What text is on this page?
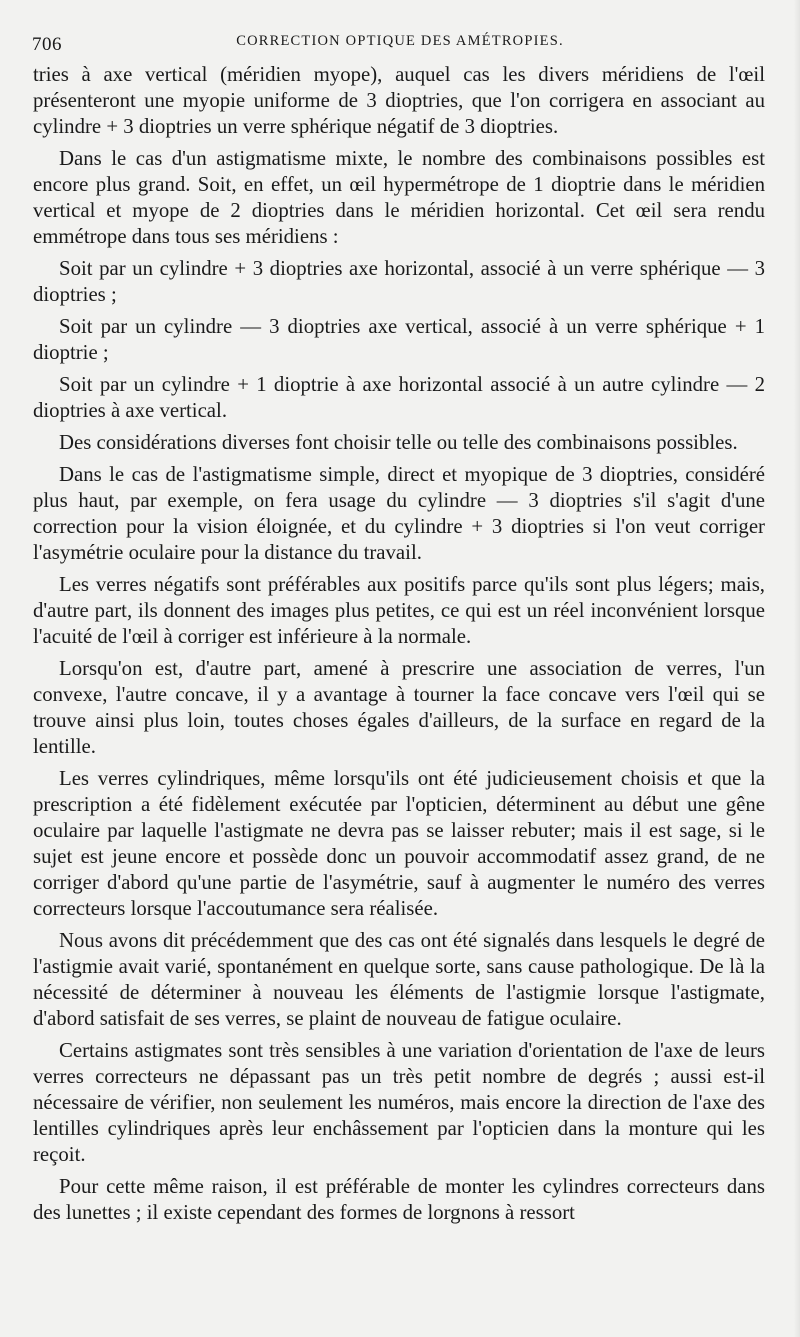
706	CORRECTION OPTIQUE DES AMÉTROPIES.

tries à axe vertical (méridien myope), auquel cas les divers méridiens de l'œil présenteront une myopie uniforme de 3 dioptries, que l'on corrigera en associant au cylindre + 3 dioptries un verre sphérique négatif de 3 dioptries.

Dans le cas d'un astigmatisme mixte, le nombre des combinaisons possibles est encore plus grand. Soit, en effet, un œil hypermétrope de 1 dioptrie dans le méridien vertical et myope de 2 dioptries dans le méridien horizontal. Cet œil sera rendu emmétrope dans tous ses méridiens :

Soit par un cylindre + 3 dioptries axe horizontal, associé à un verre sphérique — 3 dioptries ;

Soit par un cylindre — 3 dioptries axe vertical, associé à un verre sphérique + 1 dioptrie ;

Soit par un cylindre + 1 dioptrie à axe horizontal associé à un autre cylindre — 2 dioptries à axe vertical.

Des considérations diverses font choisir telle ou telle des combinaisons possibles.

Dans le cas de l'astigmatisme simple, direct et myopique de 3 dioptries, considéré plus haut, par exemple, on fera usage du cylindre — 3 dioptries s'il s'agit d'une correction pour la vision éloignée, et du cylindre + 3 dioptries si l'on veut corriger l'asymétrie oculaire pour la distance du travail.

Les verres négatifs sont préférables aux positifs parce qu'ils sont plus légers; mais, d'autre part, ils donnent des images plus petites, ce qui est un réel inconvénient lorsque l'acuité de l'œil à corriger est inférieure à la normale.

Lorsqu'on est, d'autre part, amené à prescrire une association de verres, l'un convexe, l'autre concave, il y a avantage à tourner la face concave vers l'œil qui se trouve ainsi plus loin, toutes choses égales d'ailleurs, de la surface en regard de la lentille.

Les verres cylindriques, même lorsqu'ils ont été judicieusement choisis et que la prescription a été fidèlement exécutée par l'opticien, déterminent au début une gêne oculaire par laquelle l'astigmate ne devra pas se laisser rebuter; mais il est sage, si le sujet est jeune encore et possède donc un pouvoir accommodatif assez grand, de ne corriger d'abord qu'une partie de l'asymétrie, sauf à augmenter le numéro des verres correcteurs lorsque l'accoutumance sera réalisée.

Nous avons dit précédemment que des cas ont été signalés dans lesquels le degré de l'astigmie avait varié, spontanément en quelque sorte, sans cause pathologique. De là la nécessité de déterminer à nouveau les éléments de l'astigmie lorsque l'astigmate, d'abord satisfait de ses verres, se plaint de nouveau de fatigue oculaire.

Certains astigmates sont très sensibles à une variation d'orientation de l'axe de leurs verres correcteurs ne dépassant pas un très petit nombre de degrés ; aussi est-il nécessaire de vérifier, non seulement les numéros, mais encore la direction de l'axe des lentilles cylindriques après leur enchâssement par l'opticien dans la monture qui les reçoit.

Pour cette même raison, il est préférable de monter les cylindres correcteurs dans des lunettes ; il existe cependant des formes de lorgnons à ressort
